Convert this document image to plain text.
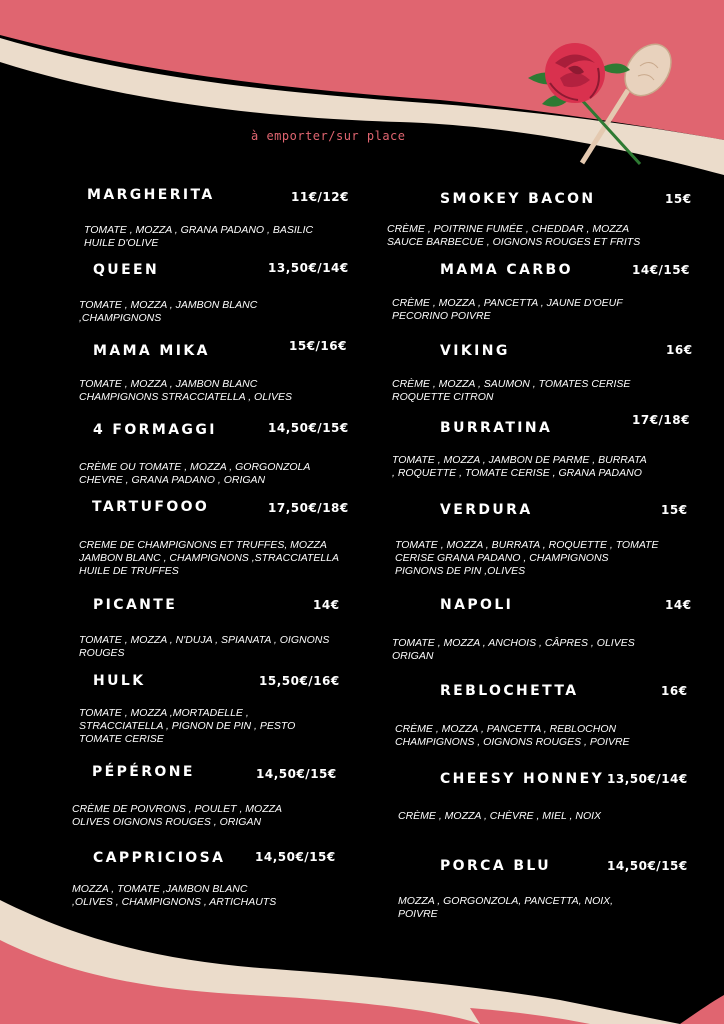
à emporter/sur place
MARGHERITA	11€/12€
TOMATE , MOZZA , GRANA PADANO , BASILIC
HUILE D'OLIVE
QUEEN	13,50€/14€
TOMATE , MOZZA , JAMBON BLANC
,CHAMPIGNONS
MAMA MIKA	15€/16€
TOMATE , MOZZA , JAMBON BLANC
CHAMPIGNONS STRACCIATELLA , OLIVES
4 FORMAGGI	14,50€/15€
CRÈME OU TOMATE , MOZZA , GORGONZOLA
CHEVRE , GRANA PADANO , ORIGAN
TARTUFOOO	17,50€/18€
CREME DE CHAMPIGNONS ET TRUFFES, MOZZA
JAMBON BLANC , CHAMPIGNONS ,STRACCIATELLA
HUILE DE TRUFFES
PICANTE	14€
TOMATE , MOZZA , N'DUJA , SPIANATA , OIGNONS
ROUGES
HULK	15,50€/16€
TOMATE , MOZZA ,MORTADELLE ,
STRACCIATELLA , PIGNON DE PIN , PESTO
TOMATE CERISE
PÉPÉRONE	14,50€/15€
CRÈME DE POIVRONS , POULET , MOZZA
OLIVES OIGNONS ROUGES , ORIGAN
CAPPRICIOSA 14,50€/15€
MOZZA , TOMATE ,JAMBON BLANC
,OLIVES , CHAMPIGNONS , ARTICHAUTS
SMOKEY BACON	15€
CRÈME , POITRINE FUMÉE , CHEDDAR , MOZZA
SAUCE BARBECUE , OIGNONS ROUGES ET FRITS
MAMA CARBO	14€/15€
CRÈME , MOZZA , PANCETTA , JAUNE D'OEUF
PECORINO POIVRE
VIKING	16€
CRÈME , MOZZA , SAUMON , TOMATES CERISE
ROQUETTE CITRON
BURRATINA	17€/18€
TOMATE , MOZZA , JAMBON DE PARME , BURRATA
, ROQUETTE , TOMATE CERISE , GRANA PADANO
VERDURA	15€
TOMATE , MOZZA , BURRATA , ROQUETTE , TOMATE
CERISE GRANA PADANO , CHAMPIGNONS
PIGNONS DE PIN ,OLIVES
NAPOLI	14€
TOMATE , MOZZA , ANCHOIS , CÂPRES , OLIVES
ORIGAN
REBLOCHETTA	16€
CRÈME , MOZZA , PANCETTA , REBLOCHON
CHAMPIGNONS , OIGNONS ROUGES , POIVRE
CHEESY HONNEY 13,50€/14€
CRÈME , MOZZA , CHÈVRE , MIEL , NOIX
PORCA BLU	14,50€/15€
MOZZA , GORGONZOLA, PANCETTA, NOIX,
POIVRE
